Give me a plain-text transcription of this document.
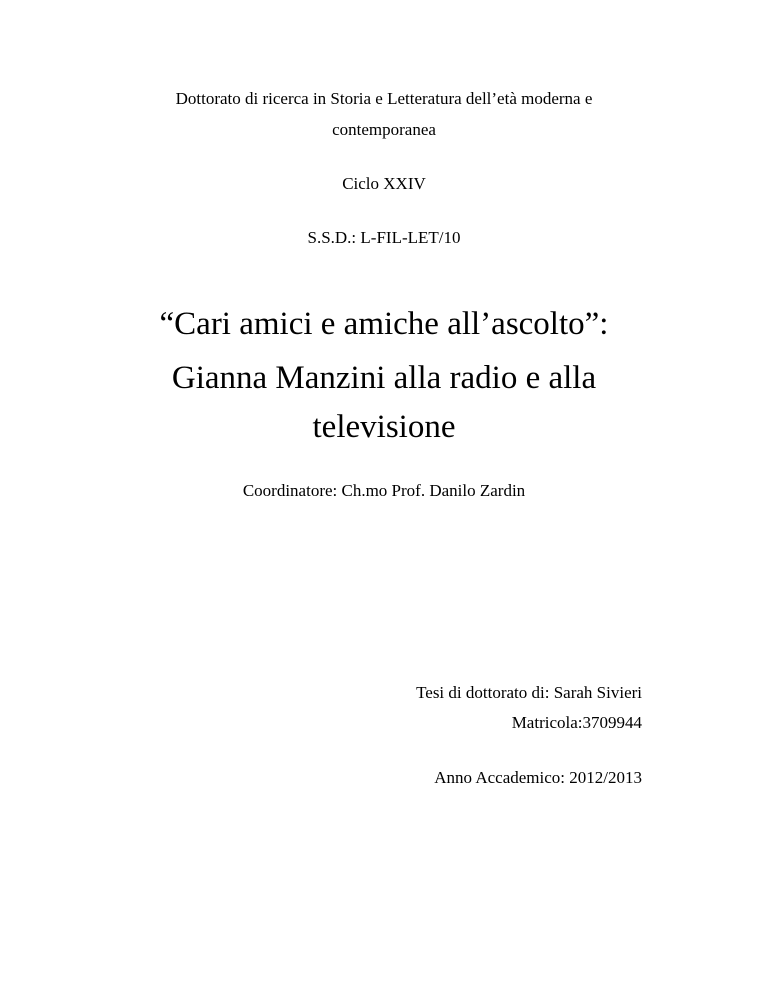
Dottorato di ricerca in Storia e Letteratura dell’età moderna e
contemporanea
Ciclo XXIV
S.S.D.: L-FIL-LET/10
“Cari amici e amiche all’ascolto”:
Gianna Manzini alla radio e alla
televisione
Coordinatore: Ch.mo Prof. Danilo Zardin
Tesi di dottorato di: Sarah Sivieri
Matricola:3709944
Anno Accademico: 2012/2013
